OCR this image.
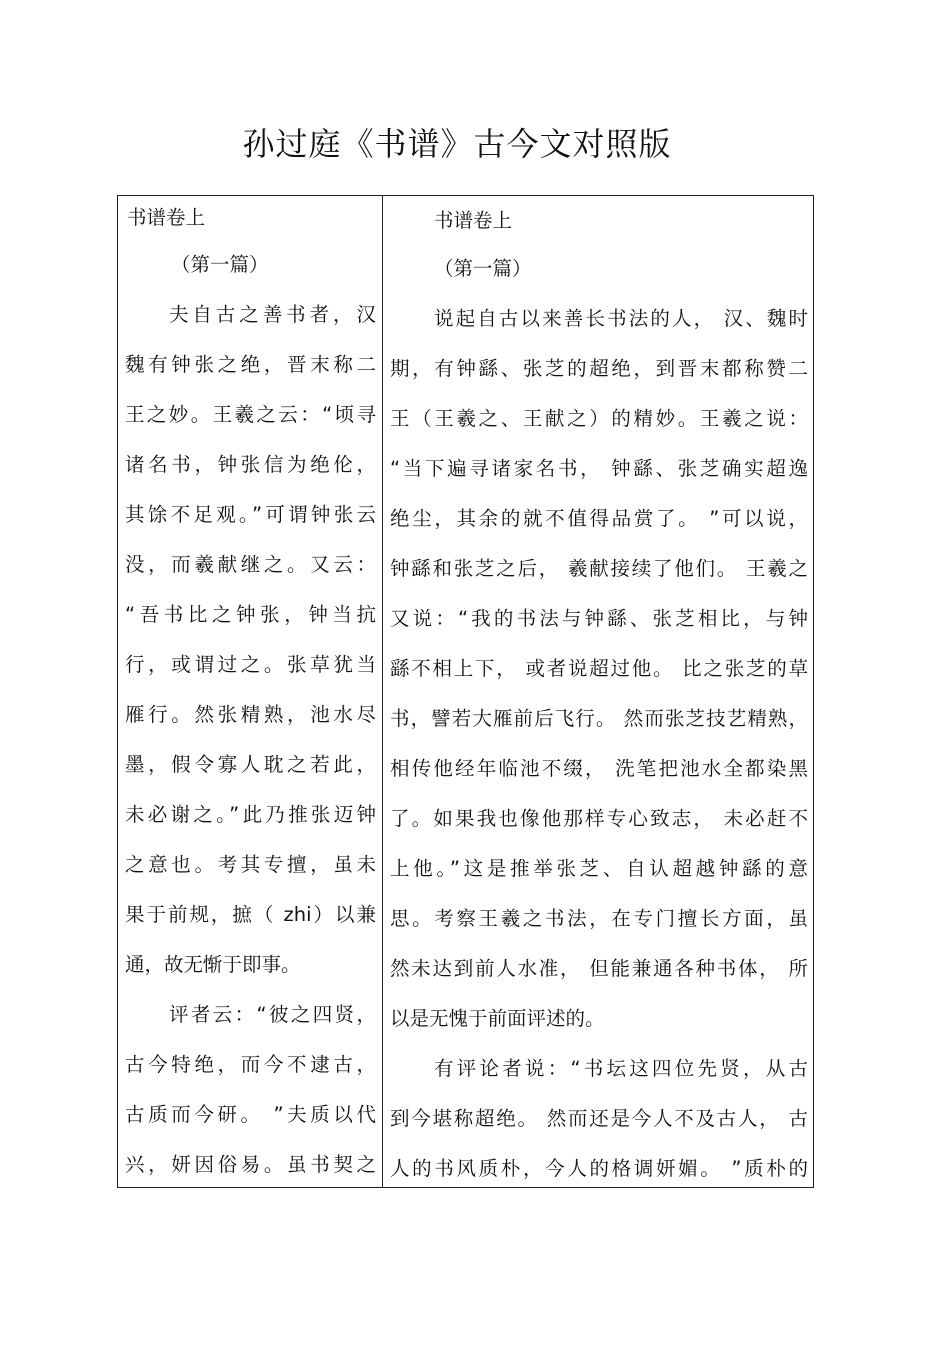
孙过庭《书谱》古今文对照版
书谱卷上
（第一篇）
夫自古之善书者，汉
魏有钟张之绝，晋末称二
王之妙。王羲之云：“顷寻
诸名书，钟张信为绝伦，
其馀不足观。”可谓钟张云
没，而羲献继之。又云：
“吾书比之钟张，钟当抗
行，或谓过之。张草犹当
雁行。然张精熟，池水尽
墨，假令寡人耽之若此，
未必谢之。”此乃推张迈钟
之意也。考其专擅，虽未
果于前规，摭（ zhi）以兼
通，故无惭于即事。
评者云：“彼之四贤，
古今特绝，而今不逮古，
古质而今研。 ”夫质以代
兴，妍因俗易。虽书契之
书谱卷上
（第一篇）
说起自古以来善长书法的人， 汉、魏时
期，有钟繇、张芝的超绝，到晋末都称赞二
王（王羲之、王献之）的精妙。王羲之说：
“当下遍寻诸家名书， 钟繇、张芝确实超逸
绝尘，其余的就不值得品赏了。 ”可以说，
钟繇和张芝之后， 羲献接续了他们。 王羲之
又说：“我的书法与钟繇、张芝相比，与钟
繇不相上下， 或者说超过他。 比之张芝的草
书，譬若大雁前后飞行。 然而张芝技艺精熟，
相传他经年临池不缀， 洗笔把池水全都染黑
了。如果我也像他那样专心致志， 未必赶不
上他。”这是推举张芝、自认超越钟繇的意
思。考察王羲之书法，在专门擅长方面，虽
然未达到前人水准， 但能兼通各种书体， 所
以是无愧于前面评述的。
有评论者说：“书坛这四位先贤，从古
到今堪称超绝。 然而还是今人不及古人， 古
人的书风质朴，今人的格调妍媚。 ”质朴的
